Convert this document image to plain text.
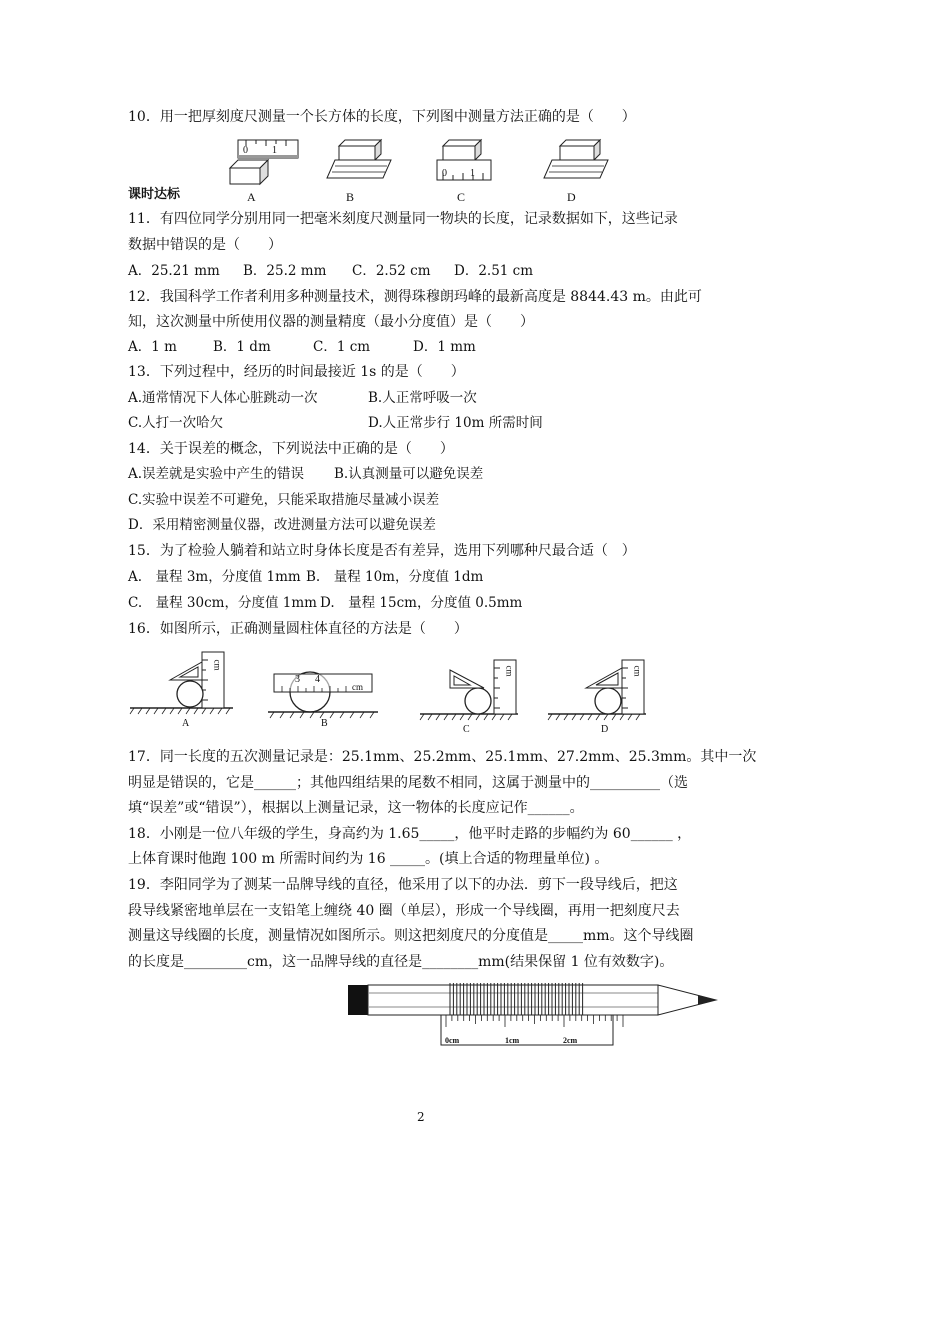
10．用一把厚刻度尺测量一个长方体的长度，下列图中测量方法正确的是（　　）
0 1
0 1
A	B	C	D
课时达标
11．有四位同学分别用同一把毫米刻度尺测量同一物块的长度，记录数据如下，这些记录
数据中错误的是（　　）
A．25.21 mm B．25.2 mm C．2.52 cm D．2.51 cm
12．我国科学工作者利用多种测量技术，测得珠穆朗玛峰的最新高度是 8844.43 m。由此可
知，这次测量中所使用仪器的测量精度（最小分度值）是（　　）
A．1 m	B．1 dm	C．1 cm	D．1 mm
13．下列过程中，经历的时间最接近 1s 的是（　　）
A.通常情况下人体心脏跳动一次	B.人正常呼吸一次
C.人打一次哈欠	D.人正常步行 10m 所需时间
14．关于误差的概念，下列说法中正确的是（　　）
A.误差就是实验中产生的错误 B.认真测量可以避免误差
C.实验中误差不可避免，只能采取措施尽量减小误差
D．采用精密测量仪器，改进测量方法可以避免误差
15．为了检验人躺着和站立时身体长度是否有差异，选用下列哪种尺最合适（　）
A.　量程 3m，分度值 1mm B.　量程 10m，分度值 1dm
C.　量程 30cm，分度值 1mm D.　量程 15cm，分度值 0.5mm
16．如图所示，正确测量圆柱体直径的方法是（　　）
cm
3 4
cm
cm	cm
A	B
C	D
17．同一长度的五次测量记录是：25.1mm、25.2mm、25.1mm、27.2mm、25.3mm。其中一次
明显是错误的，它是______；其他四组结果的尾数不相同，这属于测量中的__________（选
填“误差”或“错误”），根据以上测量记录，这一物体的长度应记作______。
18．小刚是一位八年级的学生，身高约为 1.65_____，他平时走路的步幅约为 60______ ，
上体育课时他跑 100 m 所需时间约为 16 _____。(填上合适的物理量单位) 。
19．李阳同学为了测某一品牌导线的直径，他采用了以下的办法．剪下一段导线后，把这
段导线紧密地单层在一支铅笔上缠绕 40 圈（单层），形成一个导线圈，再用一把刻度尺去
测量这导线圈的长度，测量情况如图所示。则这把刻度尺的分度值是_____mm。这个导线圈
的长度是_________cm，这一品牌导线的直径是________mm(结果保留 1 位有效数字)。
0cm	1cm	2cm
2
